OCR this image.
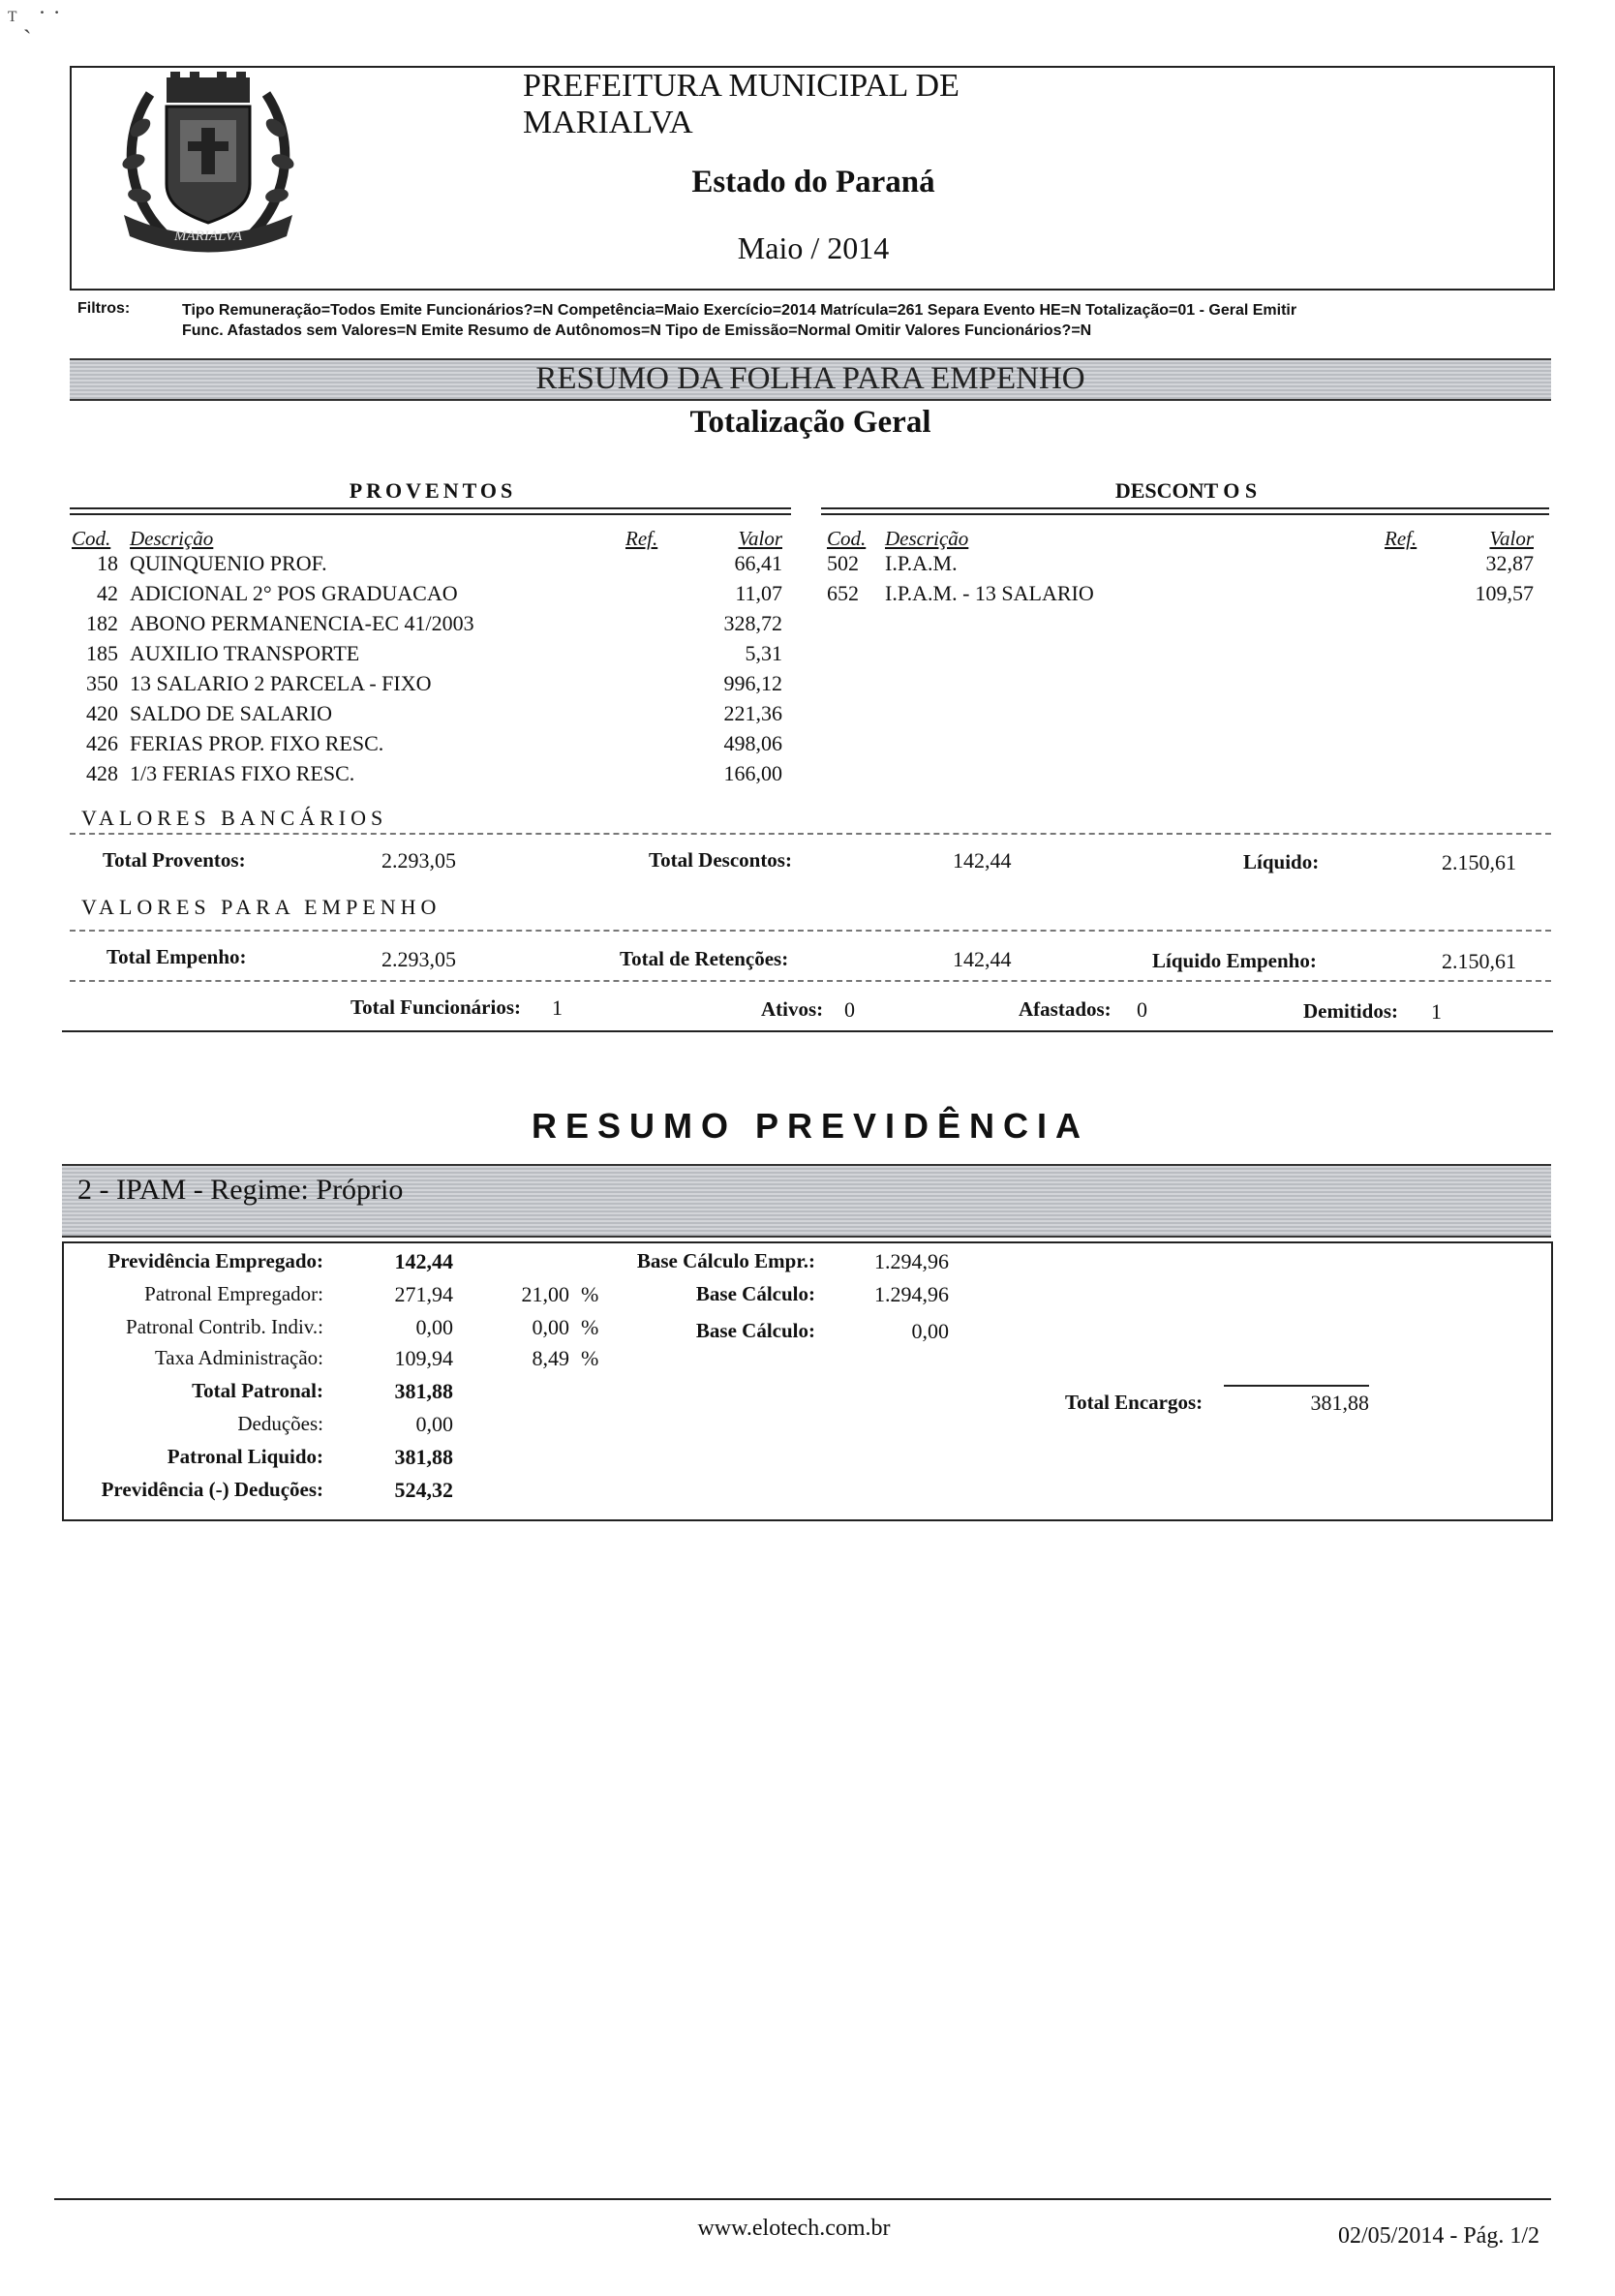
ᵀ ˎ ˙ ˙
MARIALVA
PREFEITURA MUNICIPAL DE MARIALVA
Estado do Paraná
Maio / 2014
Filtros:	Tipo Remuneração=Todos Emite Funcionários?=N Competência=Maio Exercício=2014 Matrícula=261 Separa Evento HE=N Totalização=01 - Geral Emitir
Func. Afastados sem Valores=N Emite Resumo de Autônomos=N Tipo de Emissão=Normal Omitir Valores Funcionários?=N
RESUMO DA FOLHA PARA EMPENHO
Totalização Geral
PROVENTOS	DESCONT O S
Cod. Descrição	Ref.	Valor
18 QUINQUENIO PROF.	66,41
42 ADICIONAL 2° POS GRADUACAO	11,07
182 ABONO PERMANENCIA-EC 41/2003	328,72
185 AUXILIO TRANSPORTE	5,31
350 13 SALARIO 2 PARCELA - FIXO	996,12
420 SALDO DE SALARIO	221,36
426 FERIAS PROP. FIXO RESC.	498,06
428 1/3 FERIAS FIXO RESC.	166,00
Cod. Descrição	Ref.	Valor
502 I.P.A.M.	32,87
652 I.P.A.M. - 13 SALARIO	109,57
VALORES BANCÁRIOS
Total Proventos:	2.293,05	Total Descontos:	142,44	Líquido:	2.150,61
VALORES PARA EMPENHO
Total Empenho:	2.293,05	Total de Retenções:	142,44	Líquido Empenho:	2.150,61
Total Funcionários: 1	Ativos: 0	Afastados: 0	Demitidos: 1
RESUMO PREVIDÊNCIA
2 - IPAM - Regime: Próprio
Previdência Empregado:	142,44
Patronal Empregador:	271,94	21,00 %
Patronal Contrib. Indiv.:	0,00	0,00 %
Taxa Administração:	109,94	8,49 %
Total Patronal:	381,88
Deduções:	0,00
Patronal Liquido:	381,88
Previdência (-) Deduções:	524,32
Base Cálculo Empr.:	1.294,96
Base Cálculo:	1.294,96
Base Cálculo:	0,00
Total Encargos:	381,88
www.elotech.com.br	02/05/2014 - Pág. 1/2
